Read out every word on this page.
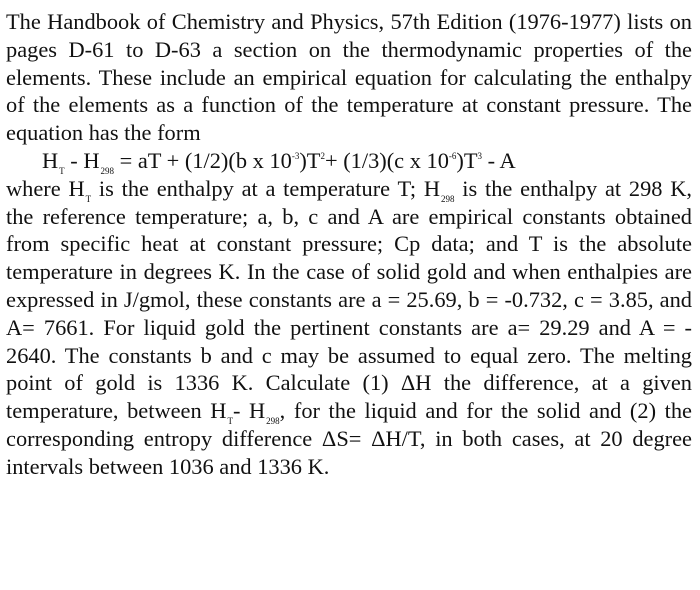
The Handbook of Chemistry and Physics, 57th Edition (1976-1977) lists on pages D-61 to D-63 a section on the thermodynamic properties of the elements. These include an empirical equation for calculating the enthalpy of the elements as a function of the temperature at constant pressure. The equation has the form

$H_T - H_{298}$ = aT + (1/2)(b x $10^{-3})T^2+ (1/3)(c$ x $10^{-6})T^3$ - A

where $H_T$ is the enthalpy at a temperature T; $H_{298}$ is the enthalpy at 298 K, the reference temperature; a, b, c and A are empirical constants obtained from specific heat at constant pressure; Cp data; and T is the absolute temperature in degrees K. In the case of solid gold and when enthalpies are expressed in J/gmol, these constants are a = 25.69, b = -0.732, c = 3.85, and A= 7661. For liquid gold the pertinent constants are a= 29.29 and A = - 2640. The constants b and c may be assumed to equal zero. The melting point of gold is 1336 K. Calculate (1) ΔH the difference, at a given temperature, between $H_T-$ $H_{298}$, for the liquid and for the solid and (2) the corresponding entropy difference ΔS= ΔH/T, in both cases, at 20 degree intervals between 1036 and 1336 K.
